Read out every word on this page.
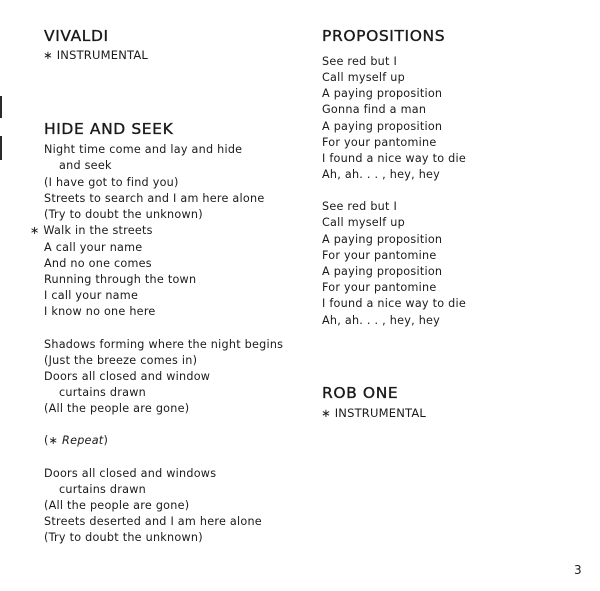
VIVALDI
∗ INSTRUMENTAL
HIDE AND SEEK
Night time come and lay and hide
and seek
(I have got to find you)
Streets to search and I am here alone
(Try to doubt the unknown)
∗ Walk in the streets
A call your name
And no one comes
Running through the town
I call your name
I know no one here
Shadows forming where the night begins
(Just the breeze comes in)
Doors all closed and window
curtains drawn
(All the people are gone)
(∗ Repeat)
Doors all closed and windows
curtains drawn
(All the people are gone)
Streets deserted and I am here alone
(Try to doubt the unknown)
PROPOSITIONS
See red but I
Call myself up
A paying proposition
Gonna find a man
A paying proposition
For your pantomine
I found a nice way to die
Ah, ah. . . , hey, hey
See red but I
Call myself up
A paying proposition
For your pantomine
A paying proposition
For your pantomine
I found a nice way to die
Ah, ah. . . , hey, hey
ROB ONE
∗ INSTRUMENTAL
3
